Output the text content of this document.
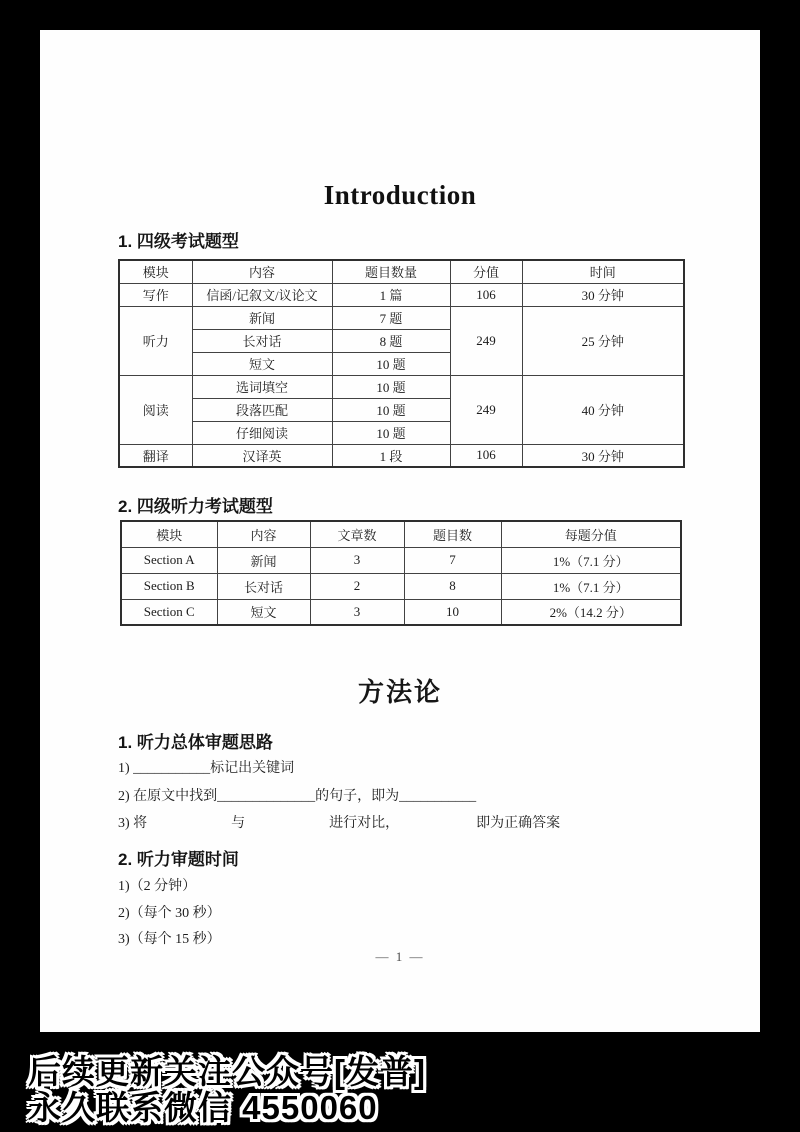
Introduction
1. 四级考试题型
模块	内容	题目数量	分值	时间
写作	信函/记叙文/议论文	1 篇	106	30 分钟
听力	新闻	7 题	249	25 分钟
	长对话	8 题		
	短文	10 题		
阅读	选词填空	10 题	249	40 分钟
	段落匹配	10 题		
	仔细阅读	10 题		
翻译	汉译英	1 段	106	30 分钟
2. 四级听力考试题型
模块	内容	文章数	题目数	每题分值
Section A	新闻	3	7	1%（7.1 分）
Section B	长对话	2	8	1%（7.1 分）
Section C	短文	3	10	2%（14.2 分）
方法论
1. 听力总体审题思路
1) ___________标记出关键词
2) 在原文中找到______________的句子，即为___________
3) 将　　　　　　与　　　　　　进行对比，　　　　　　即为正确答案
2. 听力审题时间
1)（2 分钟）
2)（每个 30 秒）
3)（每个 15 秒）
— 1 —
后续更新关注公众号[发普]
永久联系微信 4550060
